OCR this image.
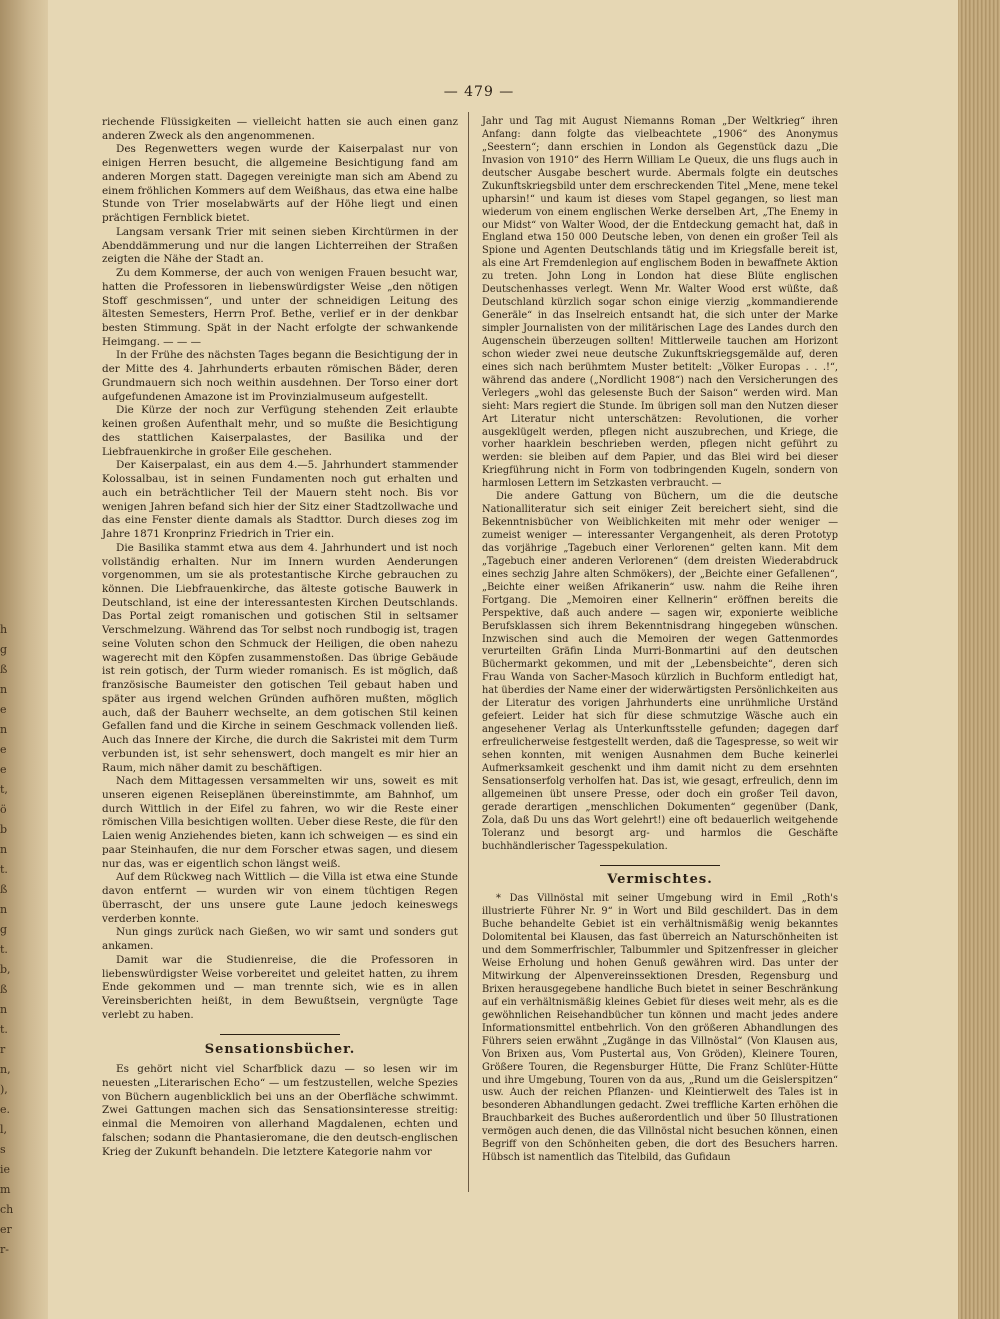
h
g
ß
n
e
n
e
e
t,
ö
b
n
t.
ß
n
g
t.
b,
ß
n
t.
r
n,
),
e.
l,
s
ie
m
ch
er
r-
— 479 —

riechende Flüssigkeiten — vielleicht hatten sie auch einen ganz anderen Zweck als den angenommenen.

Des Regenwetters wegen wurde der Kaiserpalast nur von einigen Herren besucht, die allgemeine Besichtigung fand am anderen Morgen statt. Dagegen vereinigte man sich am Abend zu einem fröhlichen Kommers auf dem Weißhaus, das etwa eine halbe Stunde von Trier moselabwärts auf der Höhe liegt und einen prächtigen Fernblick bietet.

Langsam versank Trier mit seinen sieben Kirchtürmen in der Abenddämmerung und nur die langen Lichterreihen der Straßen zeigten die Nähe der Stadt an.

Zu dem Kommerse, der auch von wenigen Frauen besucht war, hatten die Professoren in liebenswürdigster Weise „den nötigen Stoff geschmissen“, und unter der schneidigen Leitung des ältesten Semesters, Herrn Prof. Bethe, verlief er in der denkbar besten Stimmung. Spät in der Nacht erfolgte der schwankende Heimgang. — — —

In der Frühe des nächsten Tages begann die Besichtigung der in der Mitte des 4. Jahrhunderts erbauten römischen Bäder, deren Grundmauern sich noch weithin ausdehnen. Der Torso einer dort aufgefundenen Amazone ist im Provinzialmuseum aufgestellt.

Die Kürze der noch zur Verfügung stehenden Zeit erlaubte keinen großen Aufenthalt mehr, und so mußte die Besichtigung des stattlichen Kaiserpalastes, der Basilika und der Liebfrauenkirche in großer Eile geschehen.

Der Kaiserpalast, ein aus dem 4.—5. Jahrhundert stammender Kolossalbau, ist in seinen Fundamenten noch gut erhalten und auch ein beträchtlicher Teil der Mauern steht noch. Bis vor wenigen Jahren befand sich hier der Sitz einer Stadtzollwache und das eine Fenster diente damals als Stadttor. Durch dieses zog im Jahre 1871 Kronprinz Friedrich in Trier ein.

Die Basilika stammt etwa aus dem 4. Jahrhundert und ist noch vollständig erhalten. Nur im Innern wurden Aenderungen vorgenommen, um sie als protestantische Kirche gebrauchen zu können. Die Liebfrauenkirche, das älteste gotische Bauwerk in Deutschland, ist eine der interessantesten Kirchen Deutschlands. Das Portal zeigt romanischen und gotischen Stil in seltsamer Verschmelzung. Während das Tor selbst noch rundbogig ist, tragen seine Voluten schon den Schmuck der Heiligen, die oben nahezu wagerecht mit den Köpfen zusammenstoßen. Das übrige Gebäude ist rein gotisch, der Turm wieder romanisch. Es ist möglich, daß französische Baumeister den gotischen Teil gebaut haben und später aus irgend welchen Gründen aufhören mußten, möglich auch, daß der Bauherr wechselte, an dem gotischen Stil keinen Gefallen fand und die Kirche in seinem Geschmack vollenden ließ. Auch das Innere der Kirche, die durch die Sakristei mit dem Turm verbunden ist, ist sehr sehenswert, doch mangelt es mir hier an Raum, mich näher damit zu beschäftigen.

Nach dem Mittagessen versammelten wir uns, soweit es mit unseren eigenen Reiseplänen übereinstimmte, am Bahnhof, um durch Wittlich in der Eifel zu fahren, wo wir die Reste einer römischen Villa besichtigen wollten. Ueber diese Reste, die für den Laien wenig Anziehendes bieten, kann ich schweigen — es sind ein paar Steinhaufen, die nur dem Forscher etwas sagen, und diesem nur das, was er eigentlich schon längst weiß.

Auf dem Rückweg nach Wittlich — die Villa ist etwa eine Stunde davon entfernt — wurden wir von einem tüchtigen Regen überrascht, der uns unsere gute Laune jedoch keineswegs verderben konnte.

Nun gings zurück nach Gießen, wo wir samt und sonders gut ankamen.

Damit war die Studienreise, die die Professoren in liebenswürdigster Weise vorbereitet und geleitet hatten, zu ihrem Ende gekommen und — man trennte sich, wie es in allen Vereinsberichten heißt, in dem Bewußtsein, vergnügte Tage verlebt zu haben.

Sensationsbücher.

Es gehört nicht viel Scharfblick dazu — so lesen wir im neuesten „Literarischen Echo“ — um festzustellen, welche Spezies von Büchern augenblicklich bei uns an der Oberfläche schwimmt. Zwei Gattungen machen sich das Sensationsinteresse streitig: einmal die Memoiren von allerhand Magdalenen, echten und falschen; sodann die Phantasieromane, die den deutsch-englischen Krieg der Zukunft behandeln. Die letztere Kategorie nahm vor

Jahr und Tag mit August Niemanns Roman „Der Weltkrieg“ ihren Anfang: dann folgte das vielbeachtete „1906“ des Anonymus „Seestern“; dann erschien in London als Gegenstück dazu „Die Invasion von 1910“ des Herrn William Le Queux, die uns flugs auch in deutscher Ausgabe beschert wurde. Abermals folgte ein deutsches Zukunftskriegsbild unter dem erschreckenden Titel „Mene, mene tekel upharsin!“ und kaum ist dieses vom Stapel gegangen, so liest man wiederum von einem englischen Werke derselben Art, „The Enemy in our Midst“ von Walter Wood, der die Entdeckung gemacht hat, daß in England etwa 150 000 Deutsche leben, von denen ein großer Teil als Spione und Agenten Deutschlands tätig und im Kriegsfalle bereit ist, als eine Art Fremdenlegion auf englischem Boden in bewaffnete Aktion zu treten. John Long in London hat diese Blüte englischen Deutschenhasses verlegt. Wenn Mr. Walter Wood erst wüßte, daß Deutschland kürzlich sogar schon einige vierzig „kommandierende Generäle“ in das Inselreich entsandt hat, die sich unter der Marke simpler Journalisten von der militärischen Lage des Landes durch den Augenschein überzeugen sollten! Mittlerweile tauchen am Horizont schon wieder zwei neue deutsche Zukunftskriegsgemälde auf, deren eines sich nach berühmtem Muster betitelt: „Völker Europas . . .!“, während das andere („Nordlicht 1908“) nach den Versicherungen des Verlegers „wohl das gelesenste Buch der Saison“ werden wird. Man sieht: Mars regiert die Stunde. Im übrigen soll man den Nutzen dieser Art Literatur nicht unterschätzen: Revolutionen, die vorher ausgeklügelt werden, pflegen nicht auszubrechen, und Kriege, die vorher haarklein beschrieben werden, pflegen nicht geführt zu werden: sie bleiben auf dem Papier, und das Blei wird bei dieser Kriegführung nicht in Form von todbringenden Kugeln, sondern von harmlosen Lettern im Setzkasten verbraucht. —

Die andere Gattung von Büchern, um die die deutsche Nationalliteratur sich seit einiger Zeit bereichert sieht, sind die Bekenntnisbücher von Weiblichkeiten mit mehr oder weniger — zumeist weniger — interessanter Vergangenheit, als deren Prototyp das vorjährige „Tagebuch einer Verlorenen“ gelten kann. Mit dem „Tagebuch einer anderen Verlorenen“ (dem dreisten Wiederabdruck eines sechzig Jahre alten Schmökers), der „Beichte einer Gefallenen“, „Beichte einer weißen Afrikanerin“ usw. nahm die Reihe ihren Fortgang. Die „Memoiren einer Kellnerin“ eröffnen bereits die Perspektive, daß auch andere — sagen wir, exponierte weibliche Berufsklassen sich ihrem Bekenntnisdrang hingegeben wünschen. Inzwischen sind auch die Memoiren der wegen Gattenmordes verurteilten Gräfin Linda Murri-Bonmartini auf den deutschen Büchermarkt gekommen, und mit der „Lebensbeichte“, deren sich Frau Wanda von Sacher-Masoch kürzlich in Buchform entledigt hat, hat überdies der Name einer der widerwärtigsten Persönlichkeiten aus der Literatur des vorigen Jahrhunderts eine unrühmliche Urständ gefeiert. Leider hat sich für diese schmutzige Wäsche auch ein angesehener Verlag als Unterkunftsstelle gefunden; dagegen darf erfreulicherweise festgestellt werden, daß die Tagespresse, so weit wir sehen konnten, mit wenigen Ausnahmen dem Buche keinerlei Aufmerksamkeit geschenkt und ihm damit nicht zu dem ersehnten Sensationserfolg verholfen hat. Das ist, wie gesagt, erfreulich, denn im allgemeinen übt unsere Presse, oder doch ein großer Teil davon, gerade derartigen „menschlichen Dokumenten“ gegenüber (Dank, Zola, daß Du uns das Wort gelehrt!) eine oft bedauerlich weitgehende Toleranz und besorgt arg- und harmlos die Geschäfte buchhändlerischer Tagesspekulation.

Vermischtes.

* Das Villnöstal mit seiner Umgebung wird in Emil „Roth's illustrierte Führer Nr. 9“ in Wort und Bild geschildert. Das in dem Buche behandelte Gebiet ist ein verhältnismäßig wenig bekanntes Dolomitental bei Klausen, das fast überreich an Naturschönheiten ist und dem Sommerfrischler, Talbummler und Spitzenfresser in gleicher Weise Erholung und hohen Genuß gewähren wird. Das unter der Mitwirkung der Alpenvereinssektionen Dresden, Regensburg und Brixen herausgegebene handliche Buch bietet in seiner Beschränkung auf ein verhältnismäßig kleines Gebiet für dieses weit mehr, als es die gewöhnlichen Reisehandbücher tun können und macht jedes andere Informationsmittel entbehrlich. Von den größeren Abhandlungen des Führers seien erwähnt „Zugänge in das Villnöstal“ (Von Klausen aus, Von Brixen aus, Vom Pustertal aus, Von Gröden), Kleinere Touren, Größere Touren, die Regensburger Hütte, Die Franz Schlüter-Hütte und ihre Umgebung, Touren von da aus, „Rund um die Geislerspitzen“ usw. Auch der reichen Pflanzen- und Kleintierwelt des Tales ist in besonderen Abhandlungen gedacht. Zwei treffliche Karten erhöhen die Brauchbarkeit des Buches außerordentlich und über 50 Illustrationen vermögen auch denen, die das Villnöstal nicht besuchen können, einen Begriff von den Schönheiten geben, die dort des Besuchers harren. Hübsch ist namentlich das Titelbild, das Gufidaun
